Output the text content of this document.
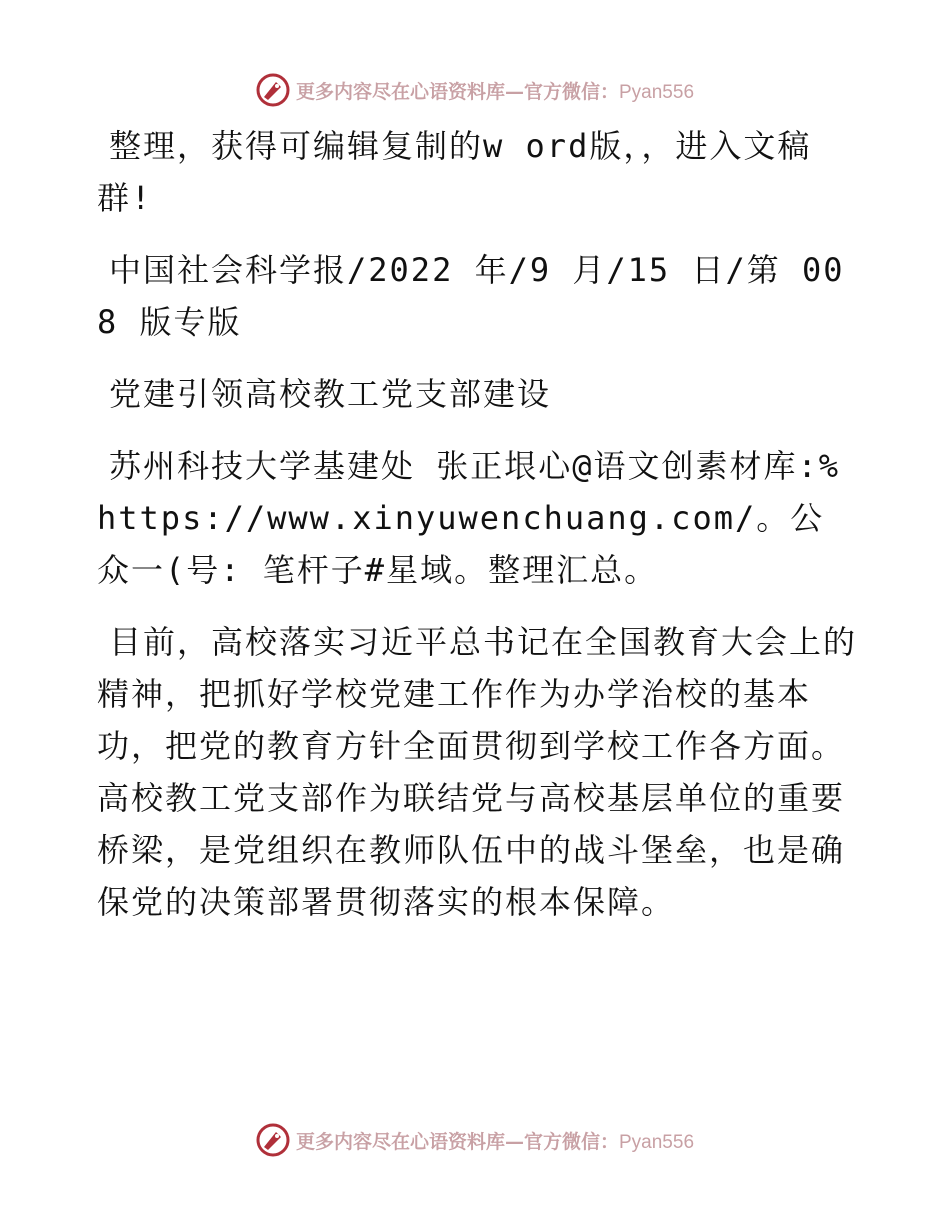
更多内容尽在心语资料库—官方微信：Pyan556

整理，获得可编辑复制的w ord版，，进入文稿群!

中国社会科学报/2022 年/9 月/15 日/第 008 版专版

党建引领高校教工党支部建设

苏州科技大学基建处 张正垠心@语文创素材库:%https://www.xinyuwenchuang.com/。公众一(号: 笔杆子#星域。整理汇总。

目前，高校落实习近平总书记在全国教育大会上的精神，把抓好学校党建工作作为办学治校的基本功，把党的教育方针全面贯彻到学校工作各方面。高校教工党支部作为联结党与高校基层单位的重要桥梁，是党组织在教师队伍中的战斗堡垒，也是确保党的决策部署贯彻落实的根本保障。

更多内容尽在心语资料库—官方微信：Pyan556
